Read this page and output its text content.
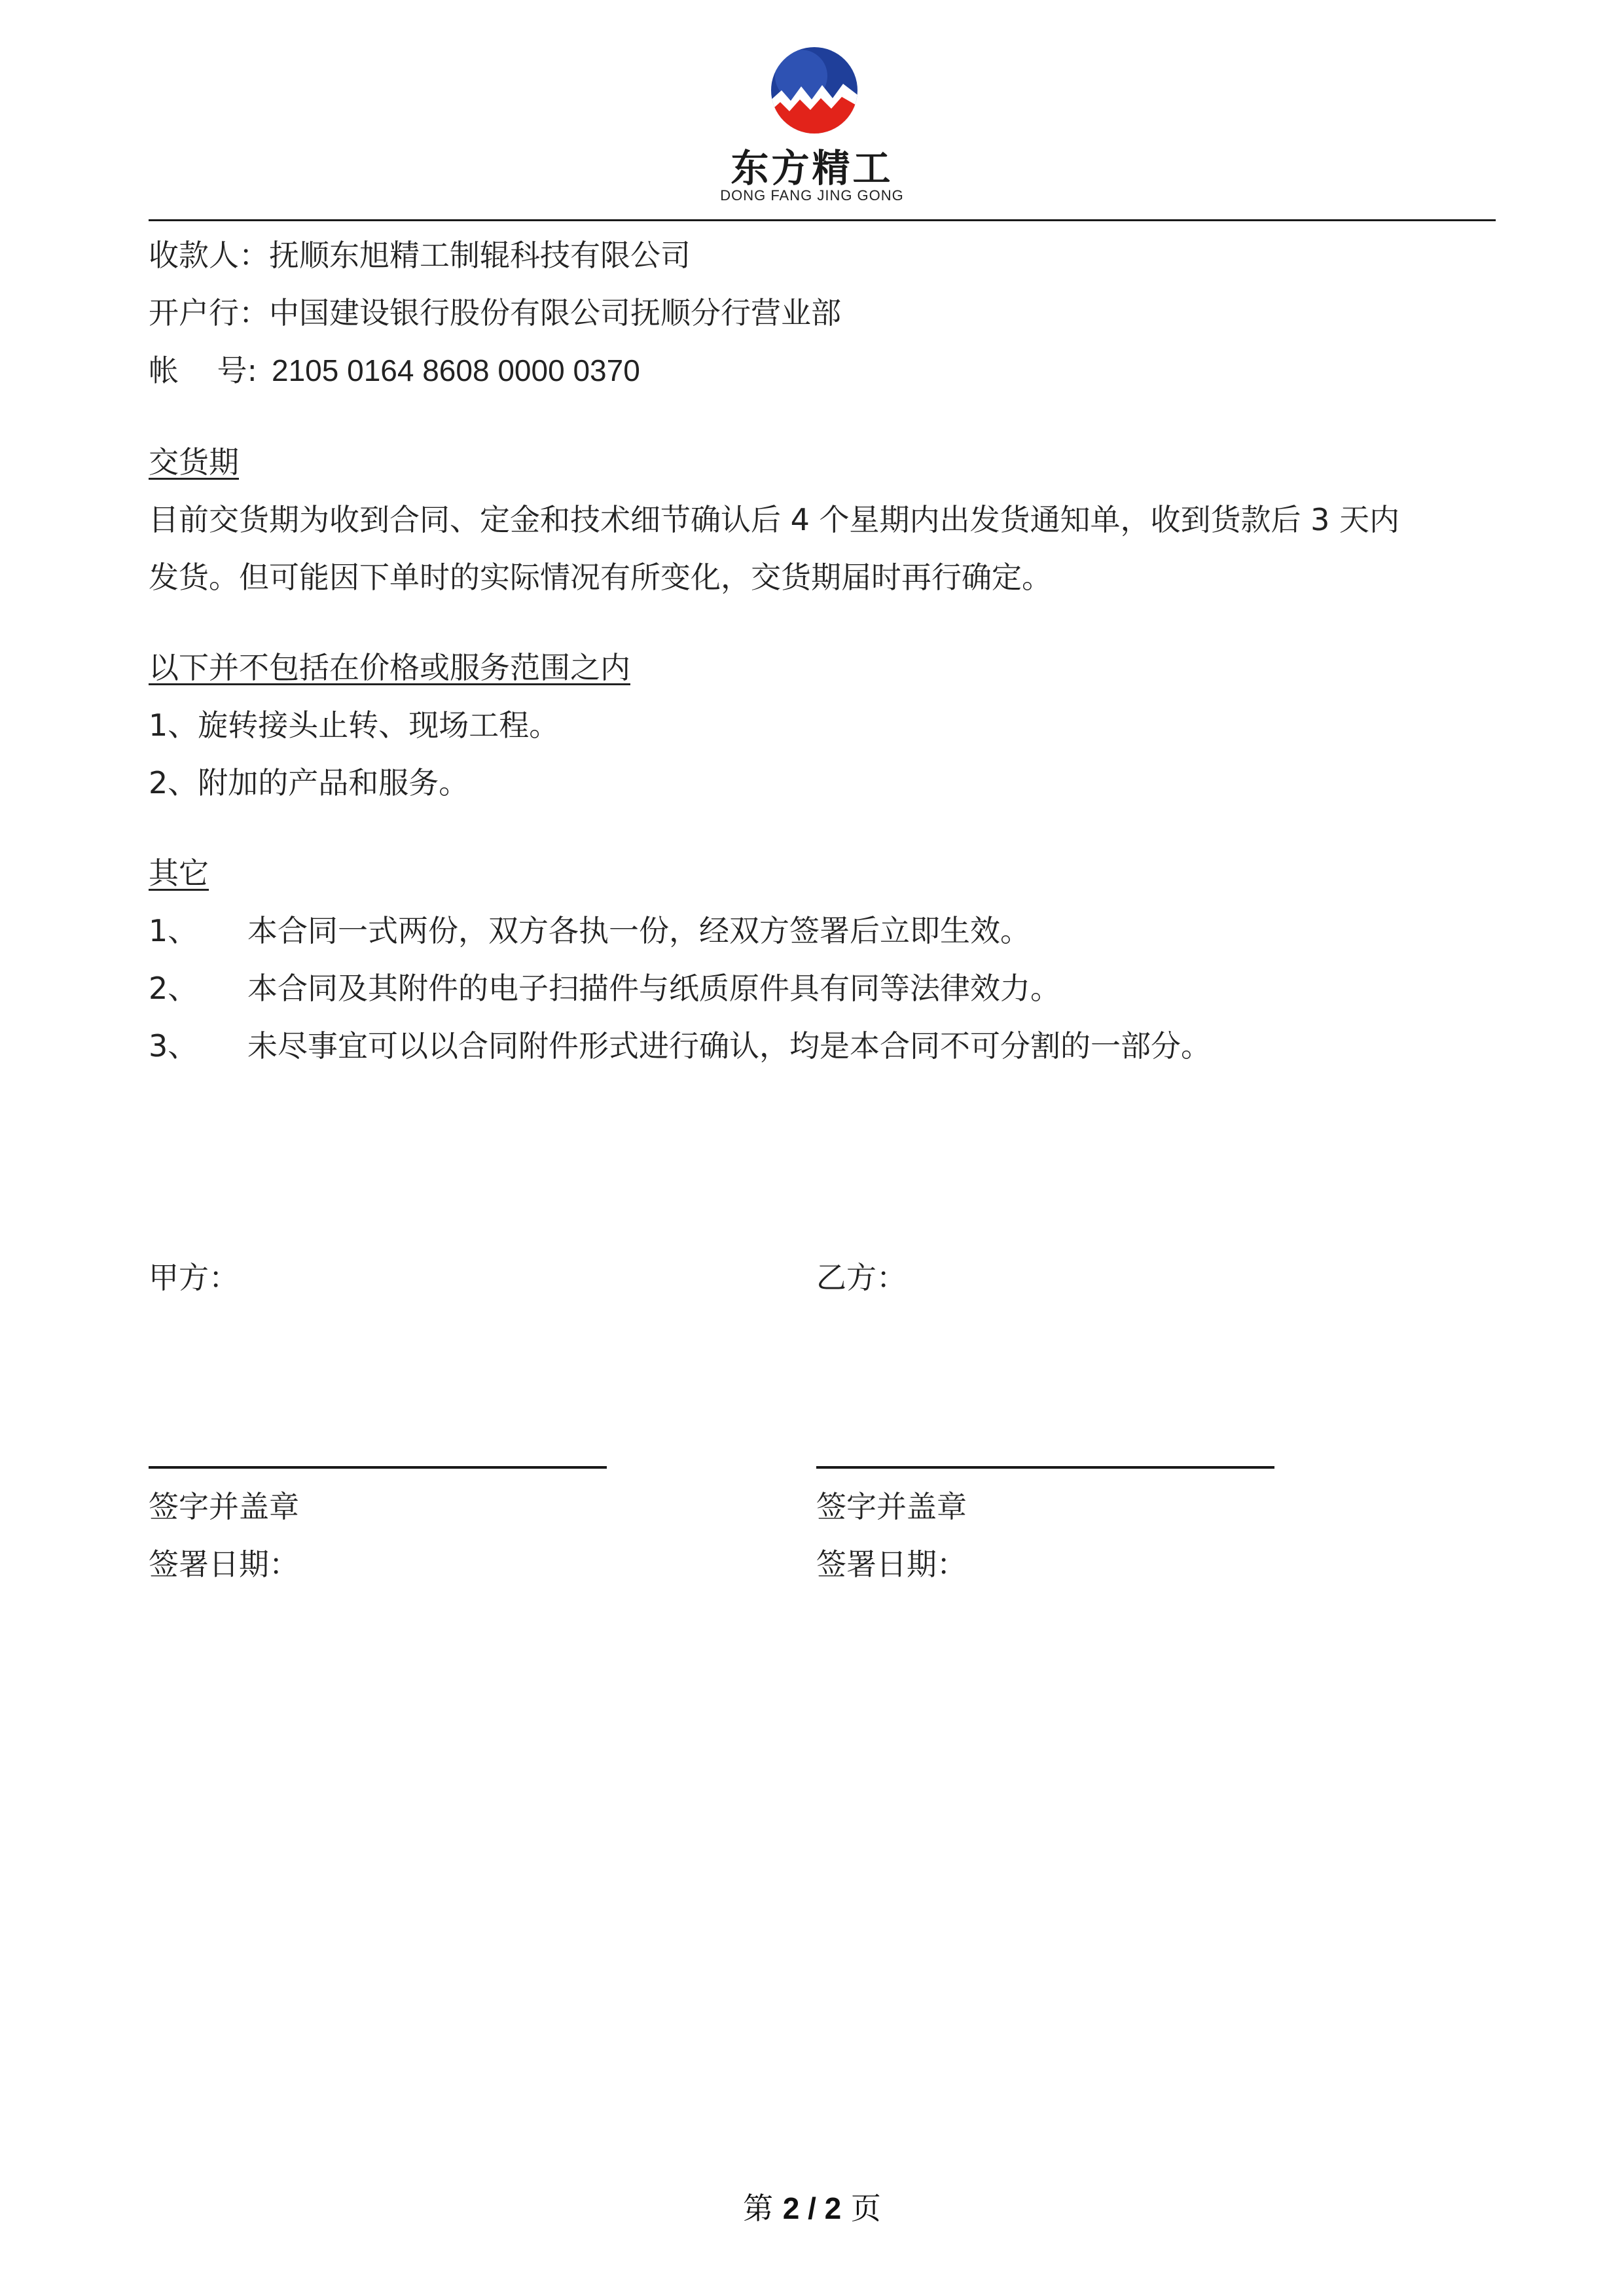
东方精工
DONG FANG JING GONG
收款人：抚顺东旭精工制辊科技有限公司
开户行：中国建设银行股份有限公司抚顺分行营业部
帐    号: 2105 0164 8608 0000 0370
交货期
目前交货期为收到合同、定金和技术细节确认后 4 个星期内出发货通知单，收到货款后 3 天内
发货。但可能因下单时的实际情况有所变化，交货期届时再行确定。
以下并不包括在价格或服务范围之内
1、旋转接头止转、现场工程。
2、附加的产品和服务。
其它
1、 本合同一式两份，双方各执一份，经双方签署后立即生效。
2、 本合同及其附件的电子扫描件与纸质原件具有同等法律效力。
3、 未尽事宜可以以合同附件形式进行确认，均是本合同不可分割的一部分。
甲方：
签字并盖章
签署日期：
乙方：
签字并盖章
签署日期：
第 2 / 2 页
